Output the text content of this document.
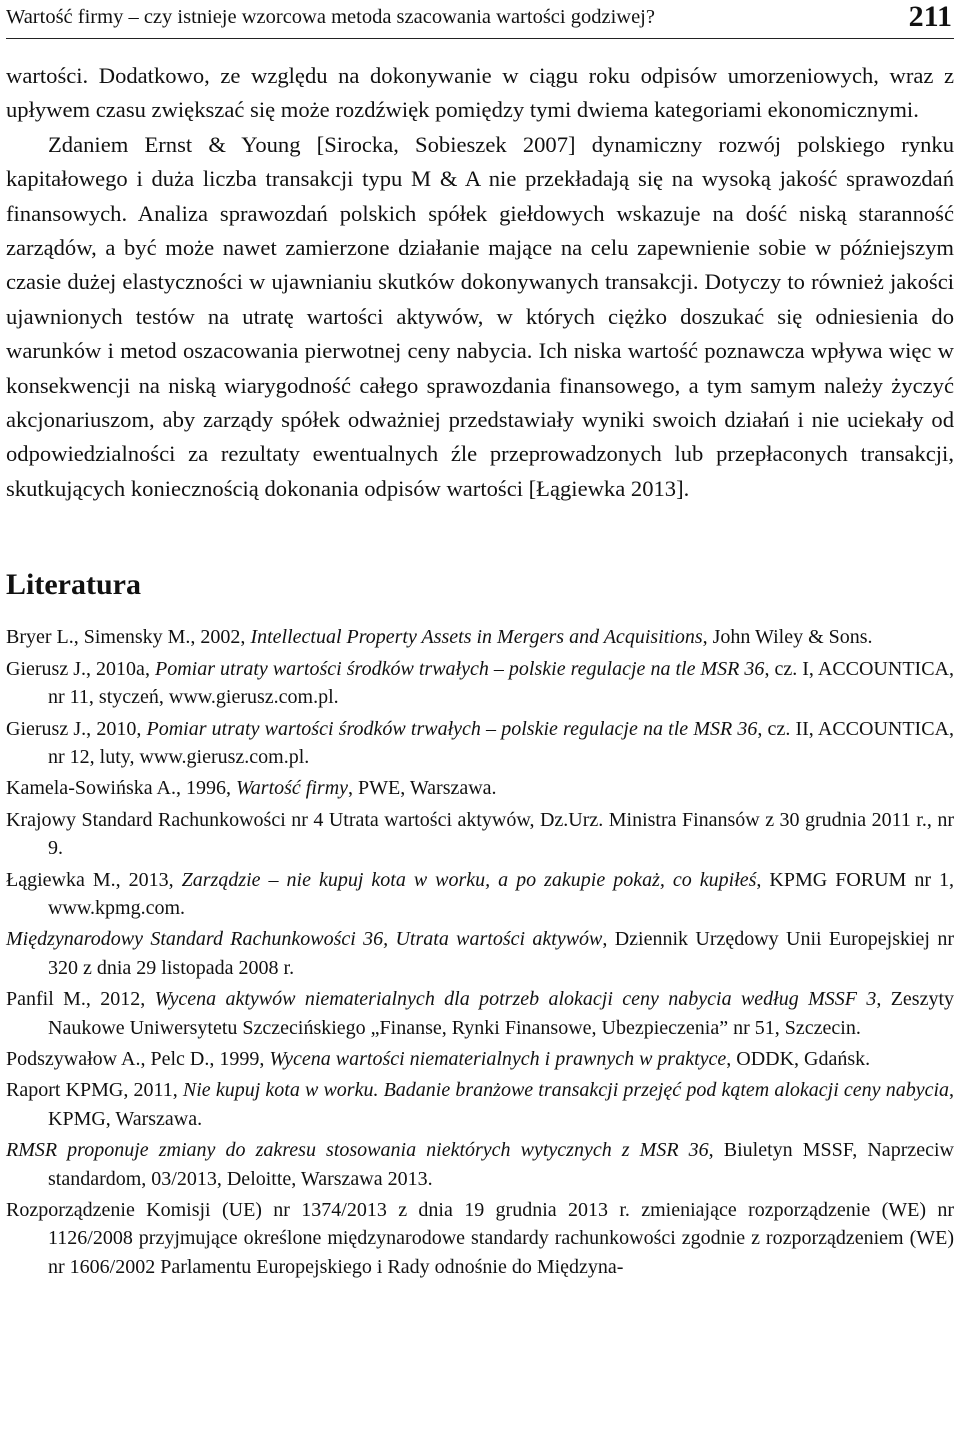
Wartość firmy – czy istnieje wzorcowa metoda szacowania wartości godziwej?	211

wartości. Dodatkowo, ze względu na dokonywanie w ciągu roku odpisów umorzeniowych, wraz z upływem czasu zwiększać się może rozdźwięk pomiędzy tymi dwiema kategoriami ekonomicznymi.

Zdaniem Ernst & Young [Sirocka, Sobieszek 2007] dynamiczny rozwój polskiego rynku kapitałowego i duża liczba transakcji typu M & A nie przekładają się na wysoką jakość sprawozdań finansowych. Analiza sprawozdań polskich spółek giełdowych wskazuje na dość niską staranność zarządów, a być może nawet zamierzone działanie mające na celu zapewnienie sobie w późniejszym czasie dużej elastyczności w ujawnianiu skutków dokonywanych transakcji. Dotyczy to również jakości ujawnionych testów na utratę wartości aktywów, w których ciężko doszukać się odniesienia do warunków i metod oszacowania pierwotnej ceny nabycia. Ich niska wartość poznawcza wpływa więc w konsekwencji na niską wiarygodność całego sprawozdania finansowego, a tym samym należy życzyć akcjonariuszom, aby zarządy spółek odważniej przedstawiały wyniki swoich działań i nie uciekały od odpowiedzialności za rezultaty ewentualnych źle przeprowadzonych lub przepłaconych transakcji, skutkujących koniecznością dokonania odpisów wartości [Łągiewka 2013].

Literatura

Bryer L., Simensky M., 2002, Intellectual Property Assets in Mergers and Acquisitions, John Wiley & Sons.

Gierusz J., 2010a, Pomiar utraty wartości środków trwałych – polskie regulacje na tle MSR 36, cz. I, ACCOUNTICA, nr 11, styczeń, www.gierusz.com.pl.

Gierusz J., 2010, Pomiar utraty wartości środków trwałych – polskie regulacje na tle MSR 36, cz. II, ACCOUNTICA, nr 12, luty, www.gierusz.com.pl.

Kamela-Sowińska A., 1996, Wartość firmy, PWE, Warszawa.

Krajowy Standard Rachunkowości nr 4 Utrata wartości aktywów, Dz.Urz. Ministra Finansów z 30 grudnia 2011 r., nr 9.

Łągiewka M., 2013, Zarządzie – nie kupuj kota w worku, a po zakupie pokaż, co kupiłeś, KPMG FORUM nr 1, www.kpmg.com.

Międzynarodowy Standard Rachunkowości 36, Utrata wartości aktywów, Dziennik Urzędowy Unii Europejskiej nr 320 z dnia 29 listopada 2008 r.

Panfil M., 2012, Wycena aktywów niematerialnych dla potrzeb alokacji ceny nabycia według MSSF 3, Zeszyty Naukowe Uniwersytetu Szczecińskiego „Finanse, Rynki Finansowe, Ubezpieczenia” nr 51, Szczecin.

Podszywałow A., Pelc D., 1999, Wycena wartości niematerialnych i prawnych w praktyce, ODDK, Gdańsk.

Raport KPMG, 2011, Nie kupuj kota w worku. Badanie branżowe transakcji przejęć pod kątem alokacji ceny nabycia, KPMG, Warszawa.

RMSR proponuje zmiany do zakresu stosowania niektórych wytycznych z MSR 36, Biuletyn MSSF, Naprzeciw standardom, 03/2013, Deloitte, Warszawa 2013.

Rozporządzenie Komisji (UE) nr 1374/2013 z dnia 19 grudnia 2013 r. zmieniające rozporządzenie (WE) nr 1126/2008 przyjmujące określone międzynarodowe standardy rachunkowości zgodnie z rozporządzeniem (WE) nr 1606/2002 Parlamentu Europejskiego i Rady odnośnie do Międzyna-
